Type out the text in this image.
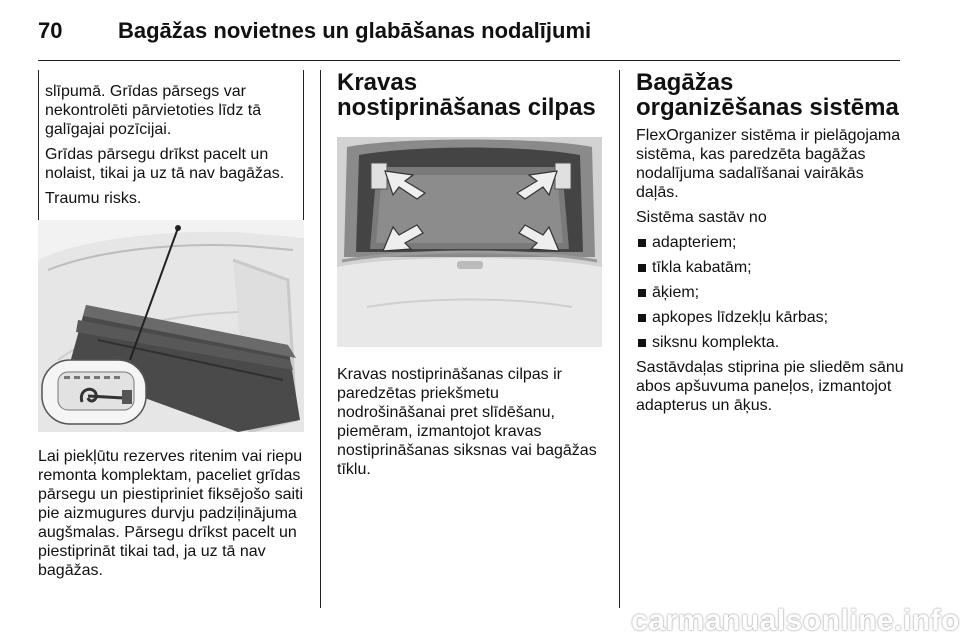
70	Bagāžas novietnes un glabāšanas nodalījumi

slīpumā. Grīdas pārsegs var nekontrolēti pārvietoties līdz tā galīgajai pozīcijai.

Grīdas pārsegu drīkst pacelt un nolaist, tikai ja uz tā nav bagāžas.

Traumu risks.

Lai piekļūtu rezerves ritenim vai riepu remonta komplektam, paceliet grīdas pārsegu un piestipriniet fiksējošo saiti pie aizmugures durvju padziļinājuma augšmalas. Pārsegu drīkst pacelt un piestiprināt tikai tad, ja uz tā nav bagāžas.

Kravas nostiprināšanas cilpas

Kravas nostiprināšanas cilpas ir paredzētas priekšmetu nodrošināšanai pret slīdēšanu, piemēram, izmantojot kravas nostiprināšanas siksnas vai bagāžas tīklu.

Bagāžas organizēšanas sistēma

FlexOrganizer sistēma ir pielāgojama sistēma, kas paredzēta bagāžas nodalījuma sadalīšanai vairākās daļās.

Sistēma sastāv no

adapteriem;
tīkla kabatām;
āķiem;
apkopes līdzekļu kārbas;
siksnu komplekta.

Sastāvdaļas stiprina pie sliedēm sānu abos apšuvuma paneļos, izmantojot adapterus un āķus.

carmanualsonline.info
